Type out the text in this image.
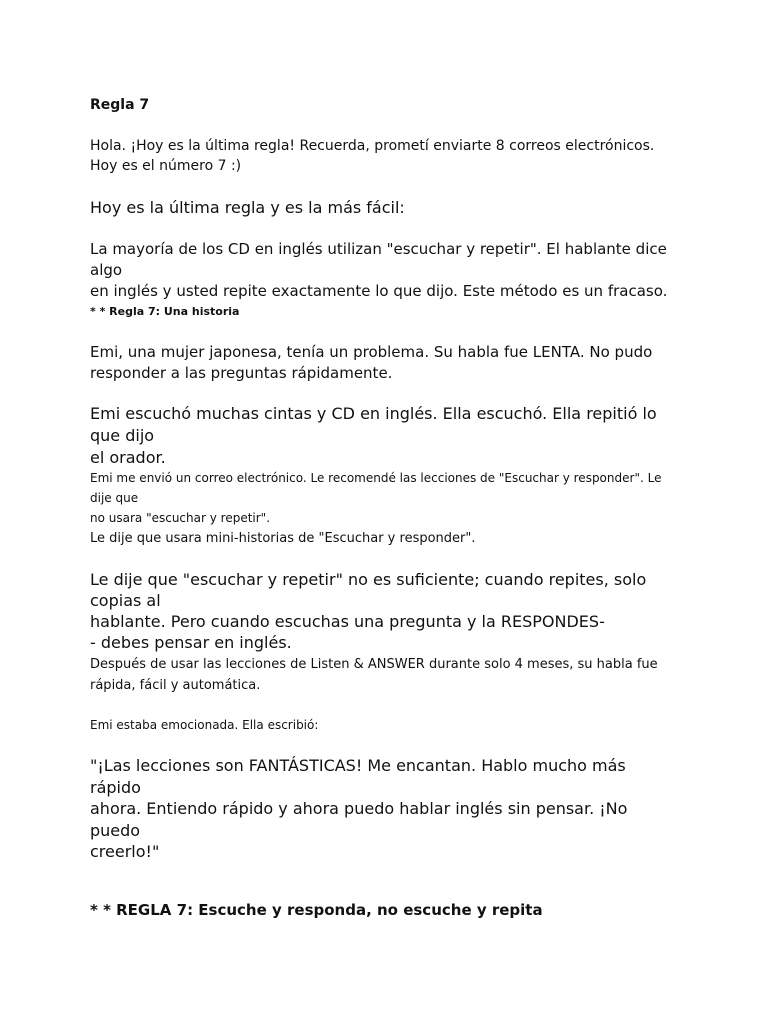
Regla 7

Hola. ¡Hoy es la última regla! Recuerda, prometí enviarte 8 correos electrónicos.
Hoy es el número 7 :)

Hoy es la última regla y es la más fácil:

La mayoría de los CD en inglés utilizan "escuchar y repetir". El hablante dice algo
en inglés y usted repite exactamente lo que dijo. Este método es un fracaso.

* * Regla 7: Una historia

Emi, una mujer japonesa, tenía un problema. Su habla fue LENTA. No pudo
responder a las preguntas rápidamente.

Emi escuchó muchas cintas y CD en inglés. Ella escuchó. Ella repitió lo que dijo
el orador.

Emi me envió un correo electrónico. Le recomendé las lecciones de "Escuchar y responder". Le dije que
no usara "escuchar y repetir".

Le dije que usara mini-historias de "Escuchar y responder".

Le dije que "escuchar y repetir" no es suficiente; cuando repites, solo copias al
hablante. Pero cuando escuchas una pregunta y la RESPONDES-
- debes pensar en inglés.

Después de usar las lecciones de Listen & ANSWER durante solo 4 meses, su habla fue
rápida, fácil y automática.

Emi estaba emocionada. Ella escribió:

"¡Las lecciones son FANTÁSTICAS! Me encantan. Hablo mucho más rápido
ahora. Entiendo rápido y ahora puedo hablar inglés sin pensar. ¡No puedo
creerlo!"

* * REGLA 7: Escuche y responda, no escuche y repita
